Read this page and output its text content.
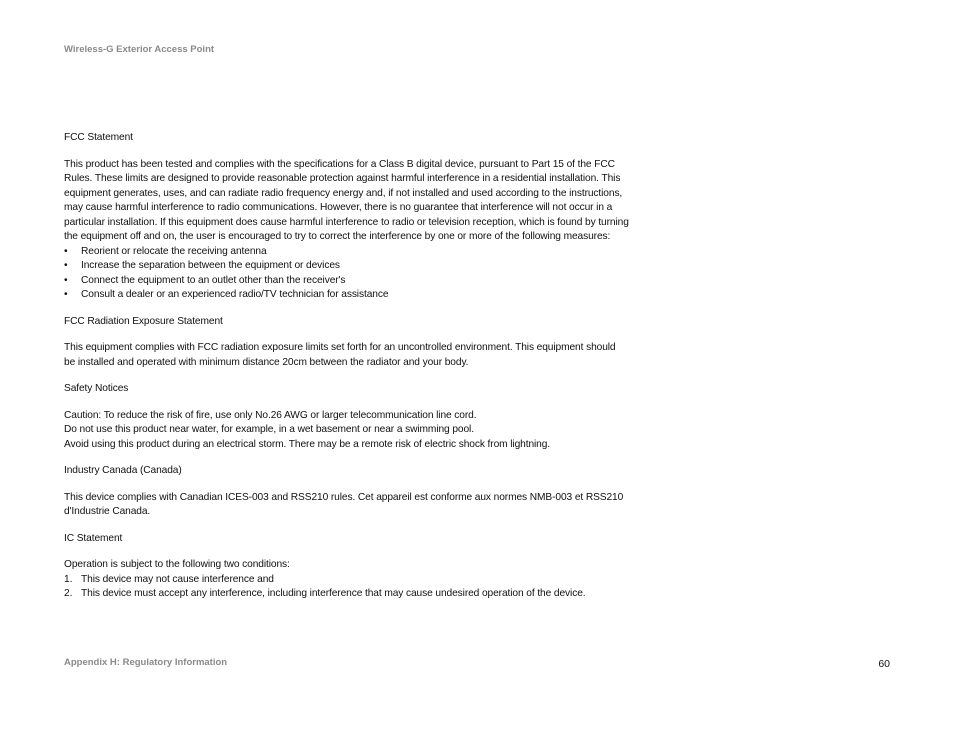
Wireless-G Exterior Access Point

FCC Statement

This product has been tested and complies with the specifications for a Class B digital device, pursuant to Part 15 of the FCC Rules. These limits are designed to provide reasonable protection against harmful interference in a residential installation. This equipment generates, uses, and can radiate radio frequency energy and, if not installed and used according to the instructions, may cause harmful interference to radio communications. However, there is no guarantee that interference will not occur in a particular installation. If this equipment does cause harmful interference to radio or television reception, which is found by turning the equipment off and on, the user is encouraged to try to correct the interference by one or more of the following measures:

• Reorient or relocate the receiving antenna
• Increase the separation between the equipment or devices
• Connect the equipment to an outlet other than the receiver's
• Consult a dealer or an experienced radio/TV technician for assistance

FCC Radiation Exposure Statement

This equipment complies with FCC radiation exposure limits set forth for an uncontrolled environment. This equipment should be installed and operated with minimum distance 20cm between the radiator and your body.

Safety Notices

Caution: To reduce the risk of fire, use only No.26 AWG or larger telecommunication line cord.

Do not use this product near water, for example, in a wet basement or near a swimming pool.

Avoid using this product during an electrical storm. There may be a remote risk of electric shock from lightning.

Industry Canada (Canada)

This device complies with Canadian ICES-003 and RSS210 rules. Cet appareil est conforme aux normes NMB-003 et RSS210 d'Industrie Canada.

IC Statement

Operation is subject to the following two conditions:

1. This device may not cause interference and
2. This device must accept any interference, including interference that may cause undesired operation of the device.
Appendix H: Regulatory Information	60
